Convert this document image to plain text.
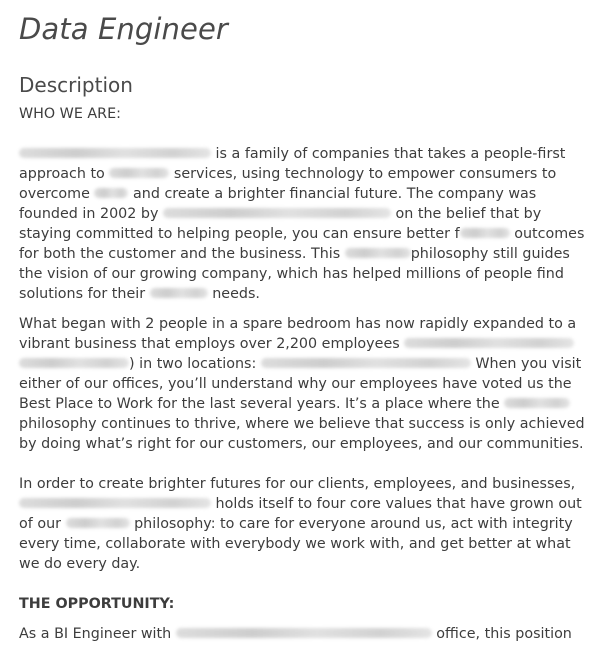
Data Engineer
Description

WHO WE ARE:

is a family of companies that takes a people-first approach to	services, using technology to empower consumers to overcome	and create a brighter financial future. The company was founded in 2002 by	on the belief that by staying committed to helping people, you can ensure better f	outcomes for both the customer and the business. This	philosophy still guides the vision of our growing company, which has helped millions of people find solutions for their	needs.

What began with 2 people in a spare bedroom has now rapidly expanded to a vibrant business that employs over 2,200 employees  ) in two locations:	When you visit either of our offices, you’ll understand why our employees have voted us the Best Place to Work for the last several years. It’s a place where the  philosophy continues to thrive, where we believe that success is only achieved by doing what’s right for our customers, our employees, and our communities.

In order to create brighter futures for our clients, employees, and businesses,  holds itself to four core values that have grown out of our	philosophy: to care for everyone around us, act with integrity every time, collaborate with everybody we work with, and get better at what we do every day.

THE OPPORTUNITY:

As a BI Engineer with	office, this position
